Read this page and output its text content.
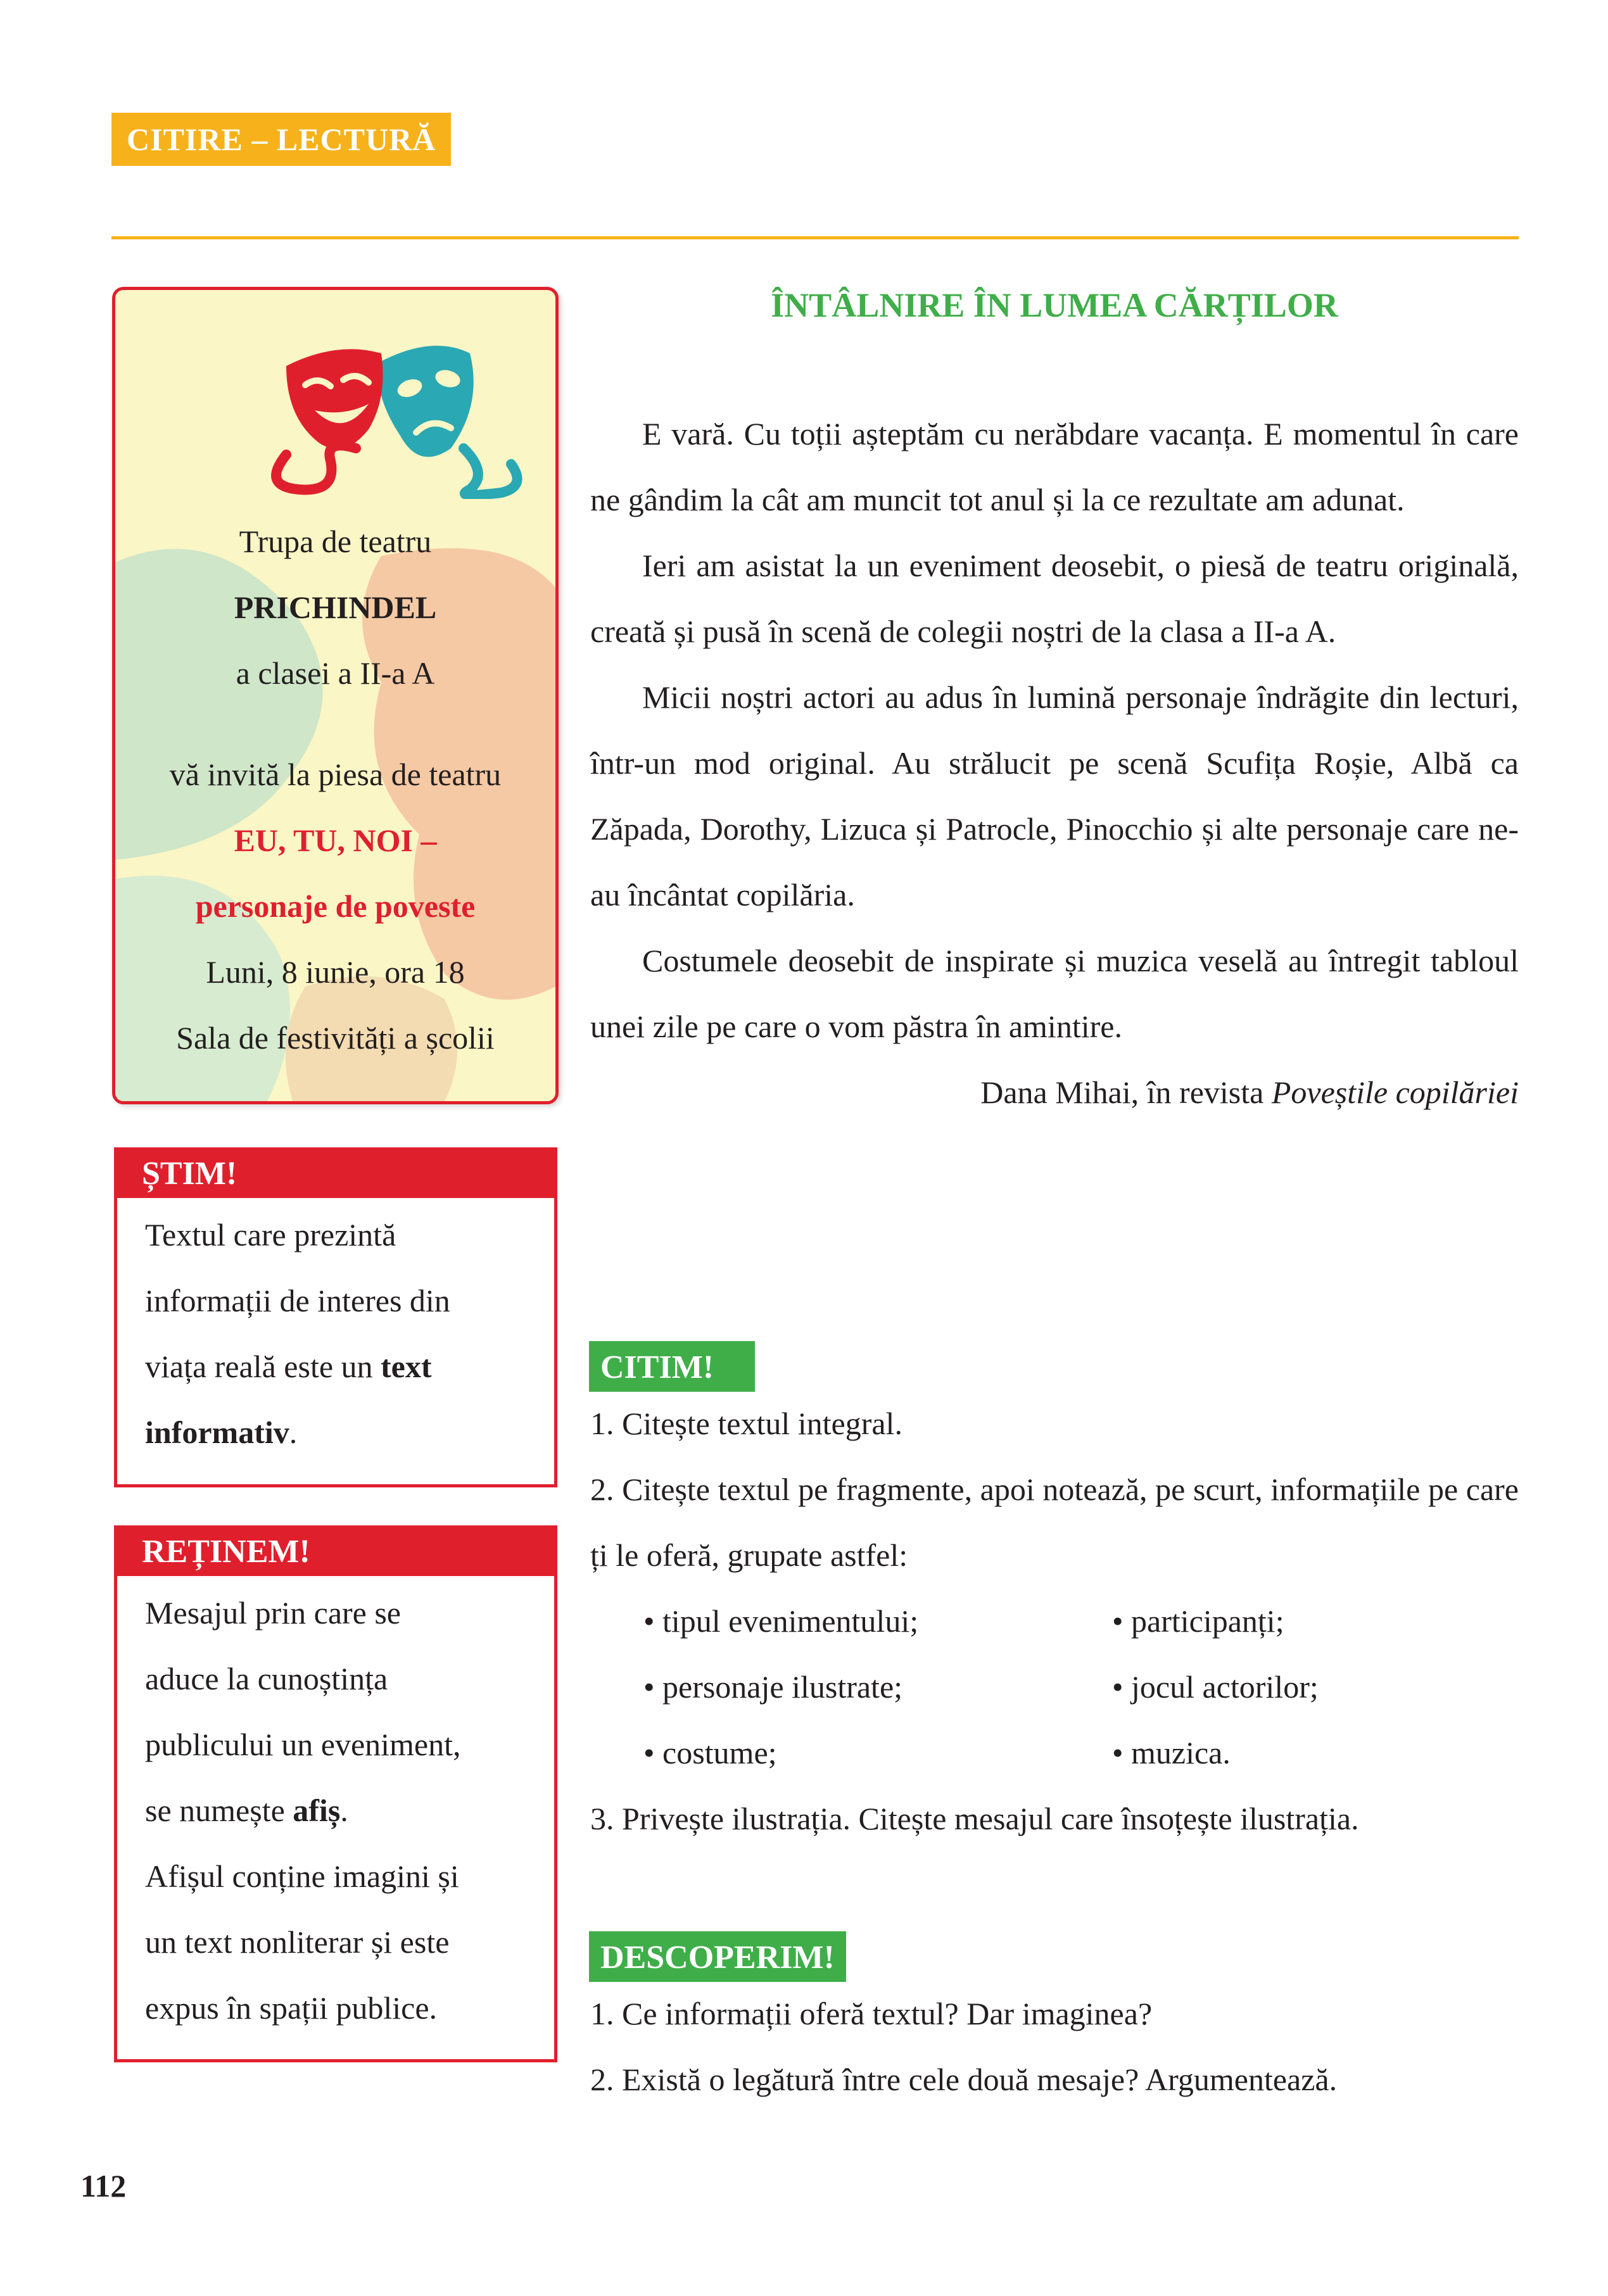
CITIRE – LECTURĂ
Trupa de teatru
PRICHINDEL
a clasei a II-a A
vă invită la piesa de teatru
EU, TU, NOI –
personaje de poveste
Luni, 8 iunie, ora 18
Sala de festivități a școlii
ȘTIM!

Textul care prezintă

informații de interes din

viața reală este un text

informativ.

REȚINEM!

Mesajul prin care se

aduce la cunoștința

publicului un eveniment,

se numește afiș.

Afișul conține imagini și

un text nonliterar și este

expus în spații publice.

ÎNTÂLNIRE ÎN LUMEA CĂRȚILOR

E vară. Cu toții așteptăm cu nerăbdare vacanța. E momentul în care ne gândim la cât am muncit tot anul și la ce rezultate am adunat.

Ieri am asistat la un eveniment deosebit, o piesă de teatru originală, creată și pusă în scenă de colegii noștri de la clasa a II-a A.

Micii noștri actori au adus în lumină personaje îndrăgite din lecturi, într-un mod original. Au strălucit pe scenă Scufița Roșie, Albă ca Zăpada, Dorothy, Lizuca și Patrocle, Pinocchio și alte personaje care ne-au încântat copilăria.

Costumele deosebit de inspirate și muzica veselă au întregit tabloul unei zile pe care o vom păstra în amintire.

Dana Mihai, în revista Poveștile copilăriei

CITIM!

1. Citește textul integral.

2. Citește textul pe fragmente, apoi notează, pe scurt, informațiile pe care ți le oferă, grupate astfel:

• tipul evenimentului;	• participanți;
• personaje ilustrate;	• jocul actorilor;
• costume;	• muzica.

3. Privește ilustrația. Citește mesajul care însoțește ilustrația.

DESCOPERIM!

1. Ce informații oferă textul? Dar imaginea?

2. Există o legătură între cele două mesaje? Argumentează.

112
